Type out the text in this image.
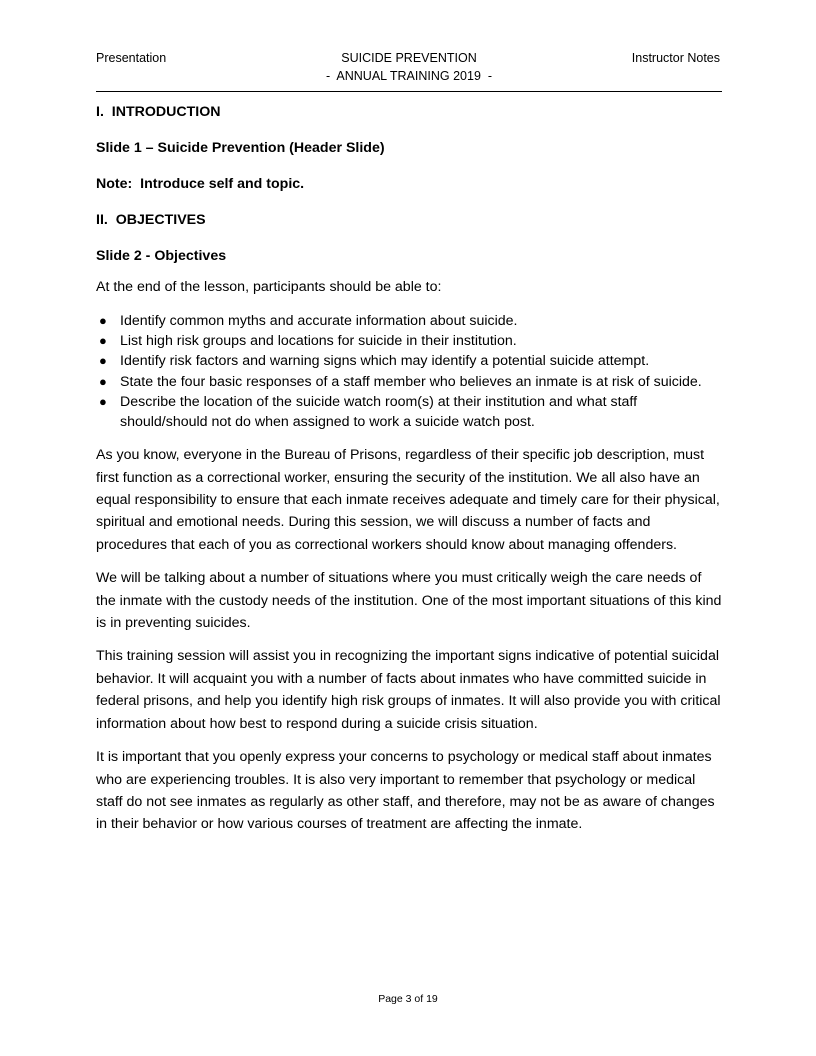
Presentation	SUICIDE PREVENTION
-  ANNUAL TRAINING 2019  -
Instructor Notes
I.  INTRODUCTION
Slide 1 – Suicide Prevention (Header Slide)
Note:  Introduce self and topic.
II.  OBJECTIVES
Slide 2 - Objectives

At the end of the lesson, participants should be able to:

● Identify common myths and accurate information about suicide.
● List high risk groups and locations for suicide in their institution.
● Identify risk factors and warning signs which may identify a potential suicide attempt.
● State the four basic responses of a staff member who believes an inmate is at risk of suicide.
● Describe the location of the suicide watch room(s) at their institution and what staff should/should not do when assigned to work a suicide watch post.

As you know, everyone in the Bureau of Prisons, regardless of their specific job description, must first function as a correctional worker, ensuring the security of the institution. We all also have an equal responsibility to ensure that each inmate receives adequate and timely care for their physical, spiritual and emotional needs. During this session, we will discuss a number of facts and procedures that each of you as correctional workers should know about managing offenders.

We will be talking about a number of situations where you must critically weigh the care needs of the inmate with the custody needs of the institution. One of the most important situations of this kind is in preventing suicides.

This training session will assist you in recognizing the important signs indicative of potential suicidal behavior. It will acquaint you with a number of facts about inmates who have committed suicide in federal prisons, and help you identify high risk groups of inmates. It will also provide you with critical information about how best to respond during a suicide crisis situation.

It is important that you openly express your concerns to psychology or medical staff about inmates who are experiencing troubles. It is also very important to remember that psychology or medical staff do not see inmates as regularly as other staff, and therefore, may not be as aware of changes in their behavior or how various courses of treatment are affecting the inmate.

Page 3 of 19
